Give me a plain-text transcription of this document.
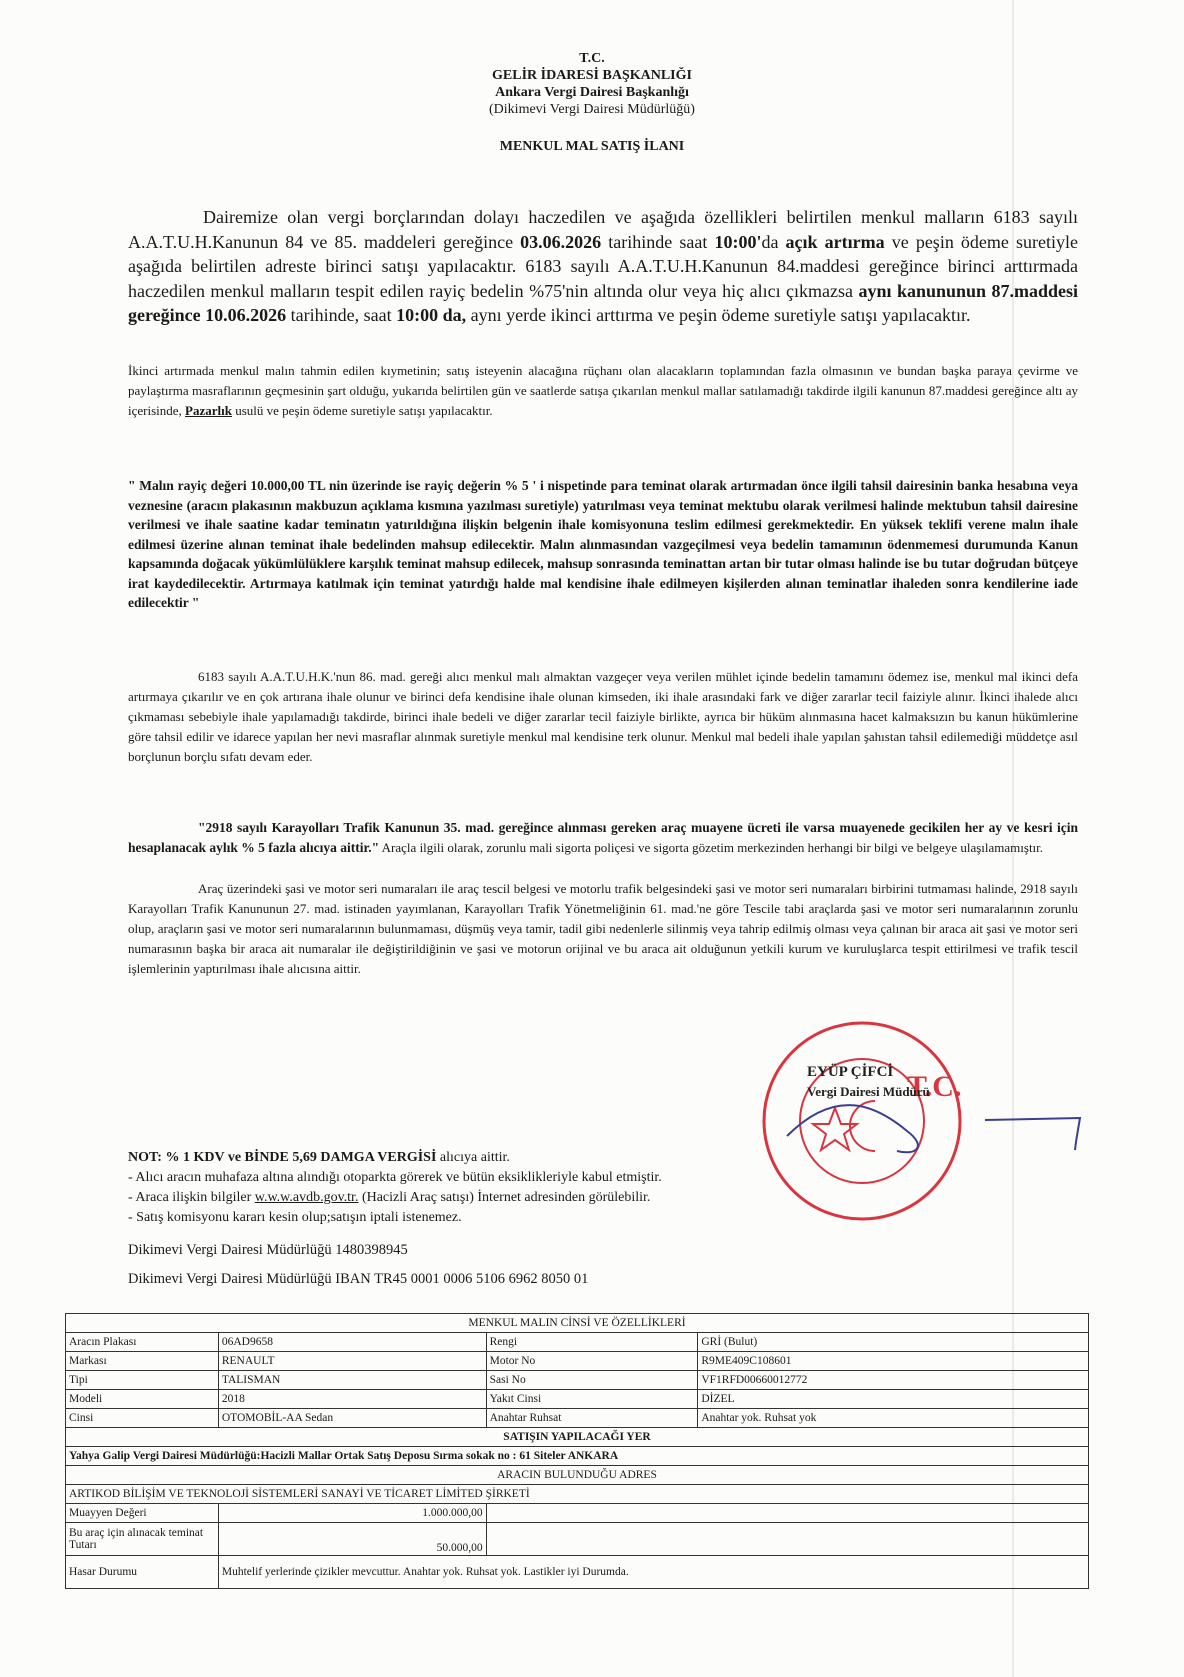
T.C.
GELİR İDARESİ BAŞKANLIĞI
Ankara Vergi Dairesi Başkanlığı
(Dikimevi Vergi Dairesi Müdürlüğü)
MENKUL MAL SATIŞ İLANI
Dairemize olan vergi borçlarından dolayı haczedilen ve aşağıda özellikleri belirtilen menkul malların 6183 sayılı A.A.T.U.H.Kanunun 84 ve 85. maddeleri gereğince 03.06.2026 tarihinde saat 10:00'da açık artırma ve peşin ödeme suretiyle aşağıda belirtilen adreste birinci satışı yapılacaktır. 6183 sayılı A.A.T.U.H.Kanunun 84.maddesi gereğince birinci arttırmada haczedilen menkul malların tespit edilen rayiç bedelin %75'nin altında olur veya hiç alıcı çıkmazsa aynı kanununun 87.maddesi gereğince 10.06.2026 tarihinde, saat 10:00 da, aynı yerde ikinci arttırma ve peşin ödeme suretiyle satışı yapılacaktır.
İkinci artırmada menkul malın tahmin edilen kıymetinin; satış isteyenin alacağına rüçhanı olan alacakların toplamından fazla olmasının ve bundan başka paraya çevirme ve paylaştırma masraflarının geçmesinin şart olduğu, yukarıda belirtilen gün ve saatlerde satışa çıkarılan menkul mallar satılamadığı takdirde ilgili kanunun 87.maddesi gereğince altı ay içerisinde, Pazarlık usulü ve peşin ödeme suretiyle satışı yapılacaktır.
" Malın rayiç değeri 10.000,00 TL nin üzerinde ise rayiç değerin % 5 ' i nispetinde para teminat olarak artırmadan önce ilgili tahsil dairesinin banka hesabına veya veznesine (aracın plakasının makbuzun açıklama kısmına yazılması suretiyle) yatırılması veya teminat mektubu olarak verilmesi halinde mektubun tahsil dairesine verilmesi ve ihale saatine kadar teminatın yatırıldığına ilişkin belgenin ihale komisyonuna teslim edilmesi gerekmektedir. En yüksek teklifi verene malın ihale edilmesi üzerine alınan teminat ihale bedelinden mahsup edilecektir. Malın alınmasından vazgeçilmesi veya bedelin tamamının ödenmemesi durumunda Kanun kapsamında doğacak yükümlülüklere karşılık teminat mahsup edilecek, mahsup sonrasında teminattan artan bir tutar olması halinde ise bu tutar doğrudan bütçeye irat kaydedilecektir. Artırmaya katılmak için teminat yatırdığı halde mal kendisine ihale edilmeyen kişilerden alınan teminatlar ihaleden sonra kendilerine iade edilecektir "
6183 sayılı A.A.T.U.H.K.'nun 86. mad. gereği alıcı menkul malı almaktan vazgeçer veya verilen mühlet içinde bedelin tamamını ödemez ise, menkul mal ikinci defa artırmaya çıkarılır ve en çok artırana ihale olunur ve birinci defa kendisine ihale olunan kimseden, iki ihale arasındaki fark ve diğer zararlar tecil faiziyle alınır. İkinci ihalede alıcı çıkmaması sebebiyle ihale yapılamadığı takdirde, birinci ihale bedeli ve diğer zararlar tecil faiziyle birlikte, ayrıca bir hüküm alınmasına hacet kalmaksızın bu kanun hükümlerine göre tahsil edilir ve idarece yapılan her nevi masraflar alınmak suretiyle menkul mal kendisine terk olunur. Menkul mal bedeli ihale yapılan şahıstan tahsil edilemediği müddetçe asıl borçlunun borçlu sıfatı devam eder.
"2918 sayılı Karayolları Trafik Kanunun 35. mad. gereğince alınması gereken araç muayene ücreti ile varsa muayenede gecikilen her ay ve kesri için hesaplanacak aylık % 5 fazla alıcıya aittir." Araçla ilgili olarak, zorunlu mali sigorta poliçesi ve sigorta gözetim merkezinden herhangi bir bilgi ve belgeye ulaşılamamıştır.
Araç üzerindeki şasi ve motor seri numaraları ile araç tescil belgesi ve motorlu trafik belgesindeki şasi ve motor seri numaraları birbirini tutmaması halinde, 2918 sayılı Karayolları Trafik Kanununun 27. mad. istinaden yayımlanan, Karayolları Trafik Yönetmeliğinin 61. mad.'ne göre Tescile tabi araçlarda şasi ve motor seri numaralarının zorunlu olup, araçların şasi ve motor seri numaralarının bulunmaması, düşmüş veya tamir, tadil gibi nedenlerle silinmiş veya tahrip edilmiş olması veya çalınan bir araca ait şasi ve motor seri numarasının başka bir araca ait numaralar ile değiştirildiğinin ve şasi ve motorun orijinal ve bu araca ait olduğunun yetkili kurum ve kuruluşlarca tespit ettirilmesi ve trafik tescil işlemlerinin yaptırılması ihale alıcısına aittir.
NOT: % 1 KDV ve BİNDE 5,69 DAMGA VERGİSİ alıcıya aittir.
- Alıcı aracın muhafaza altına alındığı otoparkta görerek ve bütün eksiklikleriyle kabul etmiştir.
- Araca ilişkin bilgiler w.w.w.avdb.gov.tr. (Hacizli Araç satışı) İnternet adresinden görülebilir.
- Satış komisyonu kararı kesin olup;satışın iptali istenemez.
Dikimevi Vergi Dairesi Müdürlüğü 1480398945
Dikimevi Vergi Dairesi Müdürlüğü IBAN TR45 0001 0006 5106 6962 8050 01
T.C.
EYÜP ÇİFCİ
Vergi Dairesi Müdürü
MENKUL MALIN CİNSİ VE ÖZELLİKLERİ			
Aracın Plakası	06AD9658	Rengi	GRİ (Bulut)
Markası	RENAULT	Motor No	R9ME409C108601
Tipi	TALISMAN	Sasi No	VF1RFD00660012772
Modeli	2018	Yakıt Cinsi	DİZEL
Cinsi	OTOMOBİL-AA Sedan	Anahtar Ruhsat	Anahtar yok. Ruhsat yok
SATIŞIN YAPILACAĞI YER			
Yahya Galip Vergi Dairesi Müdürlüğü:Hacizli Mallar Ortak Satış Deposu Sırma sokak no : 61 Siteler ANKARA			
ARACIN BULUNDUĞU ADRES			
ARTIKOD BİLİŞİM VE TEKNOLOJİ SİSTEMLERİ SANAYİ VE TİCARET LİMİTED ŞİRKETİ			
Muayyen Değeri	1.000.000,00		
Bu araç için alınacak teminat Tutarı	50.000,00		
Hasar Durumu	Muhtelif yerlerinde çizikler mevcuttur. Anahtar yok. Ruhsat yok. Lastikler iyi Durumda.		
